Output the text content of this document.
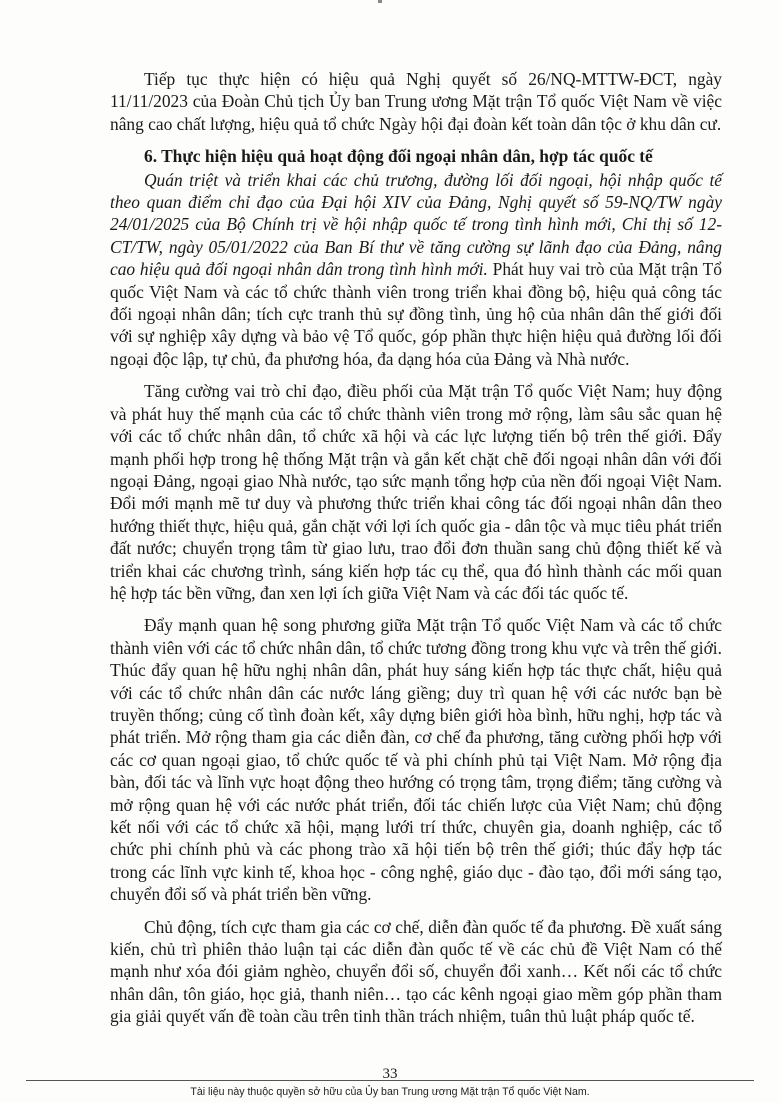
Tiếp tục thực hiện có hiệu quả Nghị quyết số 26/NQ-MTTW-ĐCT, ngày 11/11/2023 của Đoàn Chủ tịch Ủy ban Trung ương Mặt trận Tổ quốc Việt Nam về việc nâng cao chất lượng, hiệu quả tổ chức Ngày hội đại đoàn kết toàn dân tộc ở khu dân cư.

6. Thực hiện hiệu quả hoạt động đối ngoại nhân dân, hợp tác quốc tế

Quán triệt và triển khai các chủ trương, đường lối đối ngoại, hội nhập quốc tế theo quan điểm chỉ đạo của Đại hội XIV của Đảng, Nghị quyết số 59-NQ/TW ngày 24/01/2025 của Bộ Chính trị về hội nhập quốc tế trong tình hình mới, Chỉ thị số 12-CT/TW, ngày 05/01/2022 của Ban Bí thư về tăng cường sự lãnh đạo của Đảng, nâng cao hiệu quả đối ngoại nhân dân trong tình hình mới. Phát huy vai trò của Mặt trận Tổ quốc Việt Nam và các tổ chức thành viên trong triển khai đồng bộ, hiệu quả công tác đối ngoại nhân dân; tích cực tranh thủ sự đồng tình, ủng hộ của nhân dân thế giới đối với sự nghiệp xây dựng và bảo vệ Tổ quốc, góp phần thực hiện hiệu quả đường lối đối ngoại độc lập, tự chủ, đa phương hóa, đa dạng hóa của Đảng và Nhà nước.

Tăng cường vai trò chỉ đạo, điều phối của Mặt trận Tổ quốc Việt Nam; huy động và phát huy thế mạnh của các tổ chức thành viên trong mở rộng, làm sâu sắc quan hệ với các tổ chức nhân dân, tổ chức xã hội và các lực lượng tiến bộ trên thế giới. Đẩy mạnh phối hợp trong hệ thống Mặt trận và gắn kết chặt chẽ đối ngoại nhân dân với đối ngoại Đảng, ngoại giao Nhà nước, tạo sức mạnh tổng hợp của nền đối ngoại Việt Nam. Đổi mới mạnh mẽ tư duy và phương thức triển khai công tác đối ngoại nhân dân theo hướng thiết thực, hiệu quả, gắn chặt với lợi ích quốc gia - dân tộc và mục tiêu phát triển đất nước; chuyển trọng tâm từ giao lưu, trao đổi đơn thuần sang chủ động thiết kế và triển khai các chương trình, sáng kiến hợp tác cụ thể, qua đó hình thành các mối quan hệ hợp tác bền vững, đan xen lợi ích giữa Việt Nam và các đối tác quốc tế.

Đẩy mạnh quan hệ song phương giữa Mặt trận Tổ quốc Việt Nam và các tổ chức thành viên với các tổ chức nhân dân, tổ chức tương đồng trong khu vực và trên thế giới. Thúc đẩy quan hệ hữu nghị nhân dân, phát huy sáng kiến hợp tác thực chất, hiệu quả với các tổ chức nhân dân các nước láng giềng; duy trì quan hệ với các nước bạn bè truyền thống; củng cố tình đoàn kết, xây dựng biên giới hòa bình, hữu nghị, hợp tác và phát triển. Mở rộng tham gia các diễn đàn, cơ chế đa phương, tăng cường phối hợp với các cơ quan ngoại giao, tổ chức quốc tế và phi chính phủ tại Việt Nam. Mở rộng địa bàn, đối tác và lĩnh vực hoạt động theo hướng có trọng tâm, trọng điểm; tăng cường và mở rộng quan hệ với các nước phát triển, đối tác chiến lược của Việt Nam; chủ động kết nối với các tổ chức xã hội, mạng lưới trí thức, chuyên gia, doanh nghiệp, các tổ chức phi chính phủ và các phong trào xã hội tiến bộ trên thế giới; thúc đẩy hợp tác trong các lĩnh vực kinh tế, khoa học - công nghệ, giáo dục - đào tạo, đổi mới sáng tạo, chuyển đổi số và phát triển bền vững.

Chủ động, tích cực tham gia các cơ chế, diễn đàn quốc tế đa phương. Đề xuất sáng kiến, chủ trì phiên thảo luận tại các diễn đàn quốc tế về các chủ đề Việt Nam có thế mạnh như xóa đói giảm nghèo, chuyển đổi số, chuyển đổi xanh… Kết nối các tổ chức nhân dân, tôn giáo, học giả, thanh niên… tạo các kênh ngoại giao mềm góp phần tham gia giải quyết vấn đề toàn cầu trên tinh thần trách nhiệm, tuân thủ luật pháp quốc tế.

33
Tài liệu này thuộc quyền sở hữu của Ủy ban Trung ương Mặt trận Tổ quốc Việt Nam.
